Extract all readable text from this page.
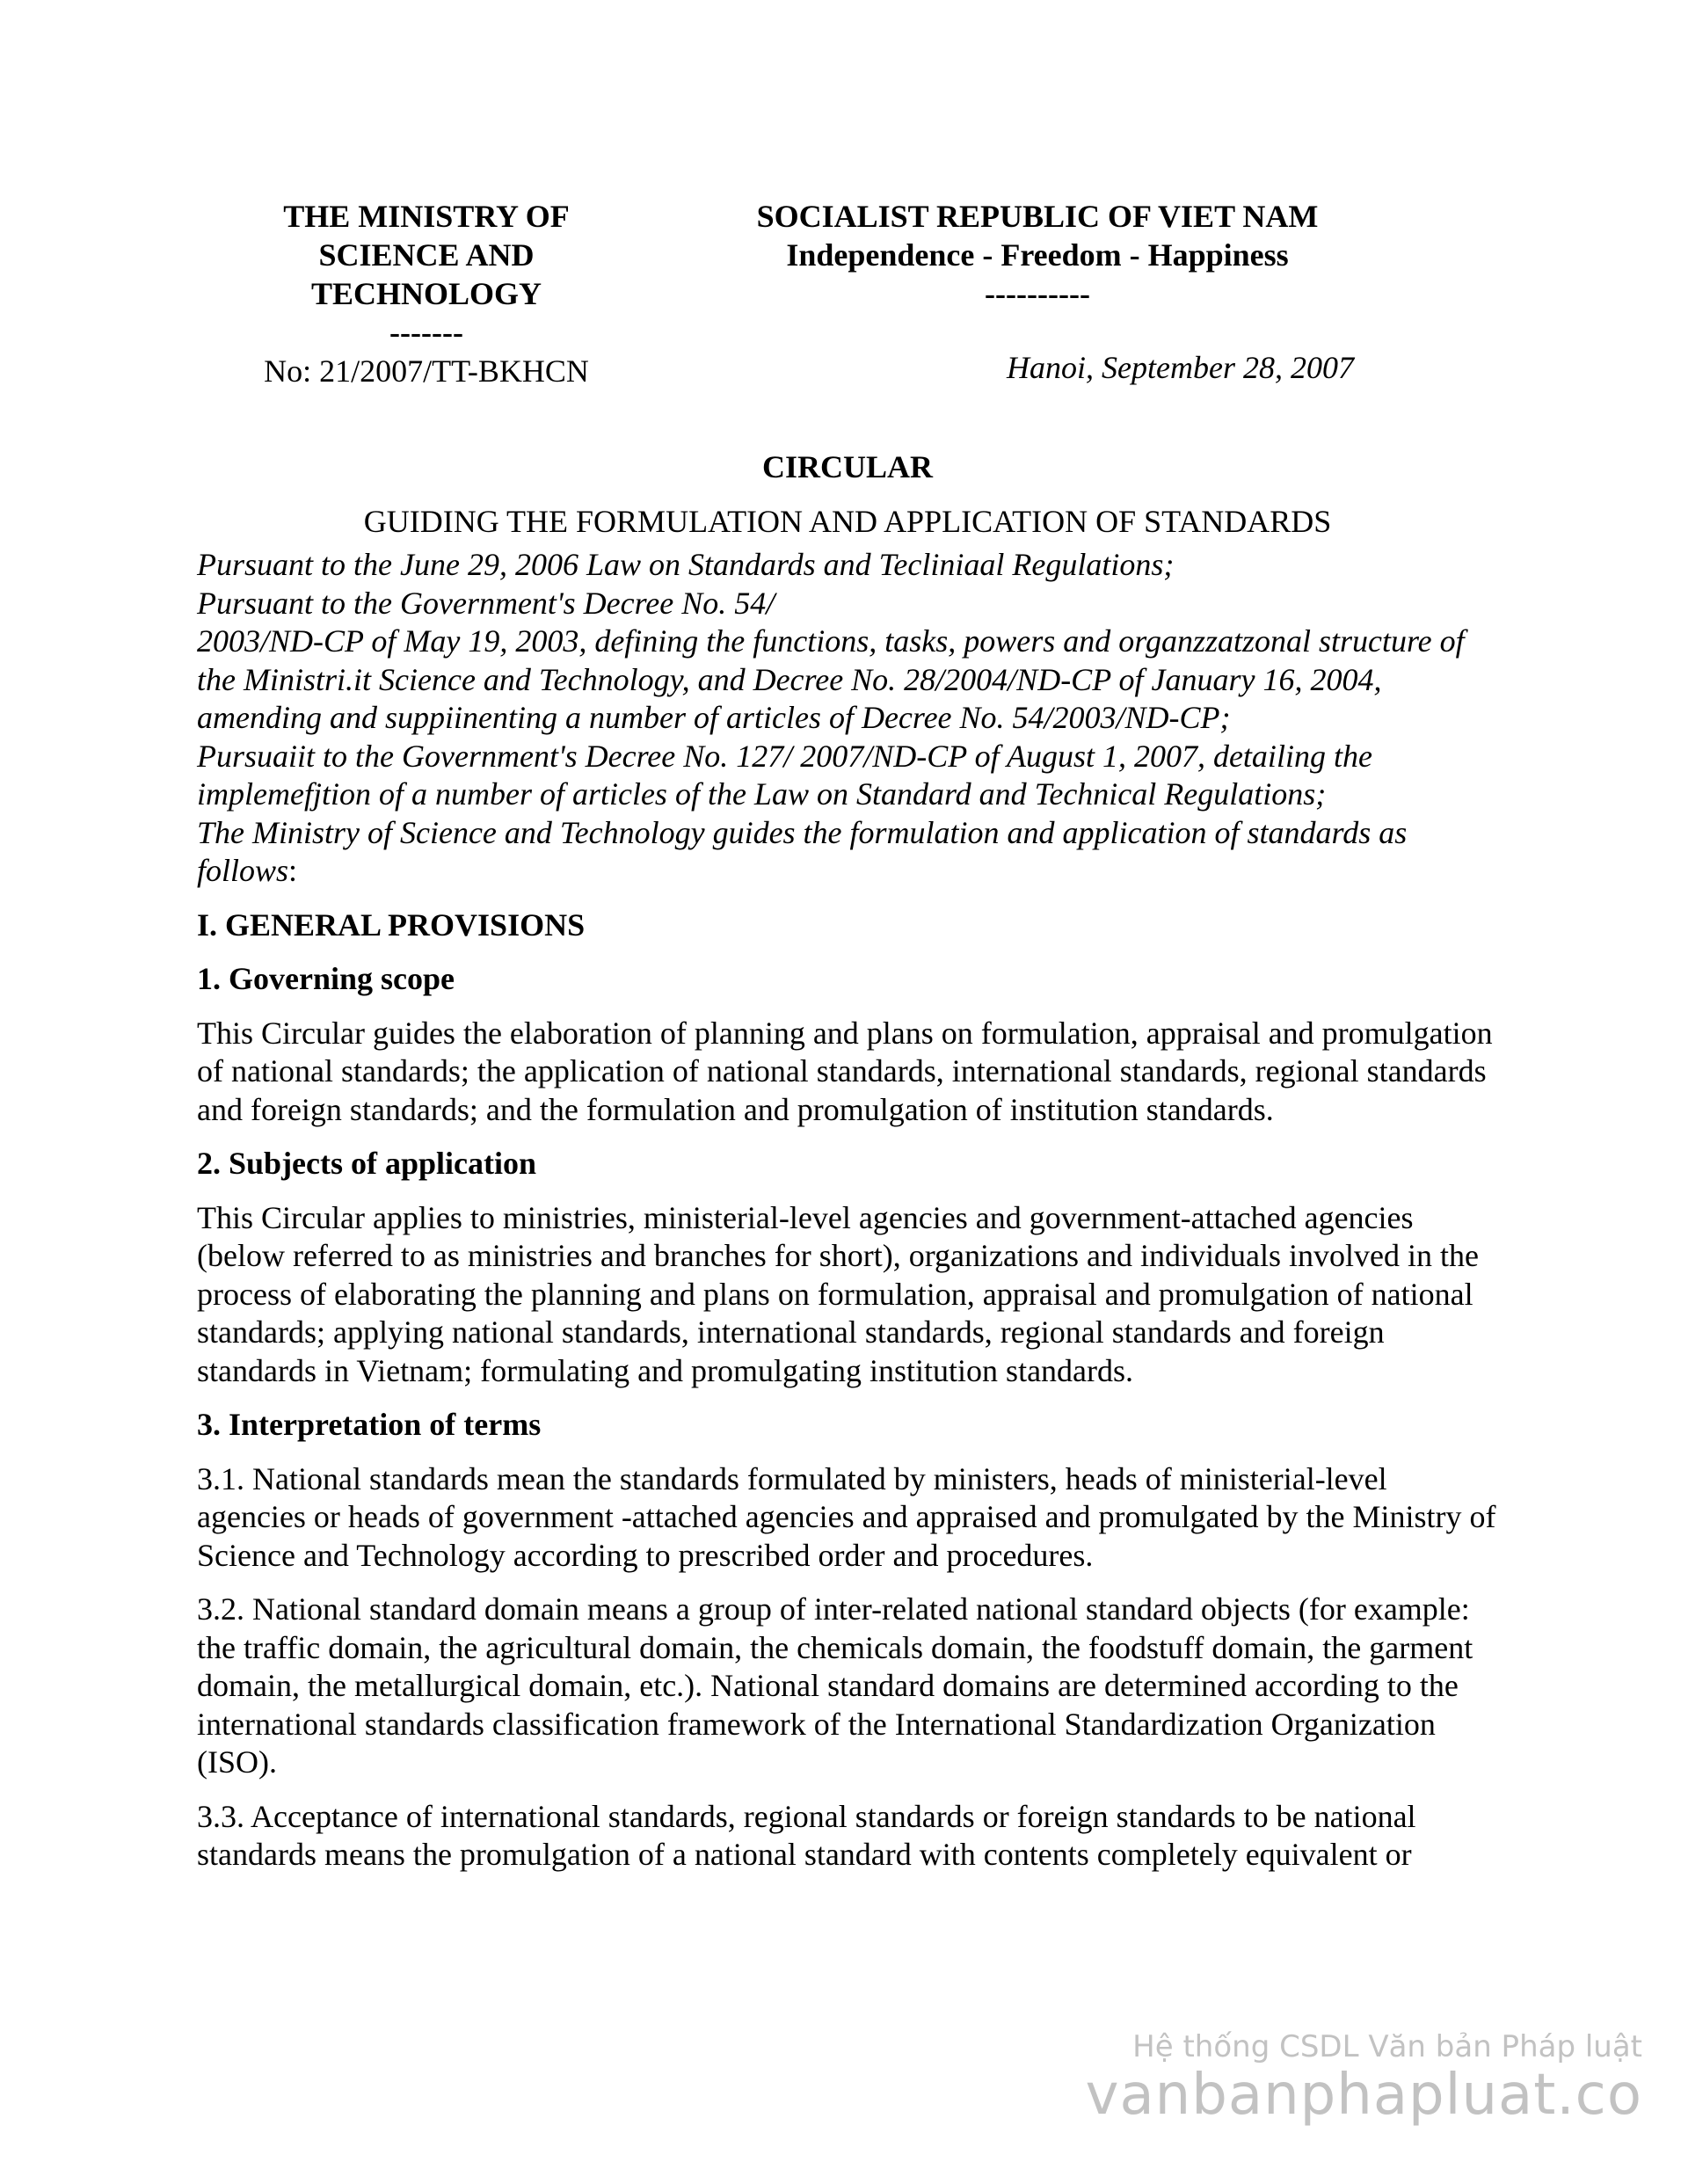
THE MINISTRY OF
SCIENCE AND
TECHNOLOGY
-------
No: 21/2007/TT-BKHCN
SOCIALIST REPUBLIC OF VIET NAM
Independence - Freedom - Happiness
----------
Hanoi, September 28, 2007
CIRCULAR
GUIDING THE FORMULATION AND APPLICATION OF STANDARDS

Pursuant to the June 29, 2006 Law on Standards and Tecliniaal Regulations;

Pursuant to the Government's Decree No. 54/

2003/ND-CP of May 19, 2003, defining the functions, tasks, powers and organzzatzonal structure of the Ministri.it Science and Technology, and Decree No. 28/2004/ND-CP of January 16, 2004, amending and suppiinenting a number of articles of Decree No. 54/2003/ND-CP;

Pursuaiit to the Government's Decree No. 127/ 2007/ND-CP of August 1, 2007, detailing the implemefjtion of a number of articles of the Law on Standard and Technical Regulations;

The Ministry of Science and Technology guides the formulation and application of standards as follows:

I. GENERAL PROVISIONS
1. Governing scope
This Circular guides the elaboration of planning and plans on formulation, appraisal and promulgation of national standards; the application of national standards, international standards, regional standards and foreign standards; and the formulation and promulgation of institution standards.
2. Subjects of application
This Circular applies to ministries, ministerial-level agencies and government-attached agencies (below referred to as ministries and branches for short), organizations and individuals involved in the process of elaborating the planning and plans on formulation, appraisal and promulgation of national standards; applying national standards, international standards, regional standards and foreign standards in Vietnam; formulating and promulgating institution standards.
3. Interpretation of terms
3.1. National standards mean the standards formulated by ministers, heads of ministerial-level agencies or heads of government -attached agencies and appraised and promulgated by the Ministry of Science and Technology according to prescribed order and procedures.
3.2. National standard domain means a group of inter-related national standard objects (for example: the traffic domain, the agricultural domain, the chemicals domain, the foodstuff domain, the garment domain, the metallurgical domain, etc.). National standard domains are determined according to the international standards classification framework of the International Standardization Organization (ISO).
3.3. Acceptance of international standards, regional standards or foreign standards to be national standards means the promulgation of a national standard with contents completely equivalent or
Hệ thống CSDL Văn bản Pháp luật
vanbanphapluat.co
